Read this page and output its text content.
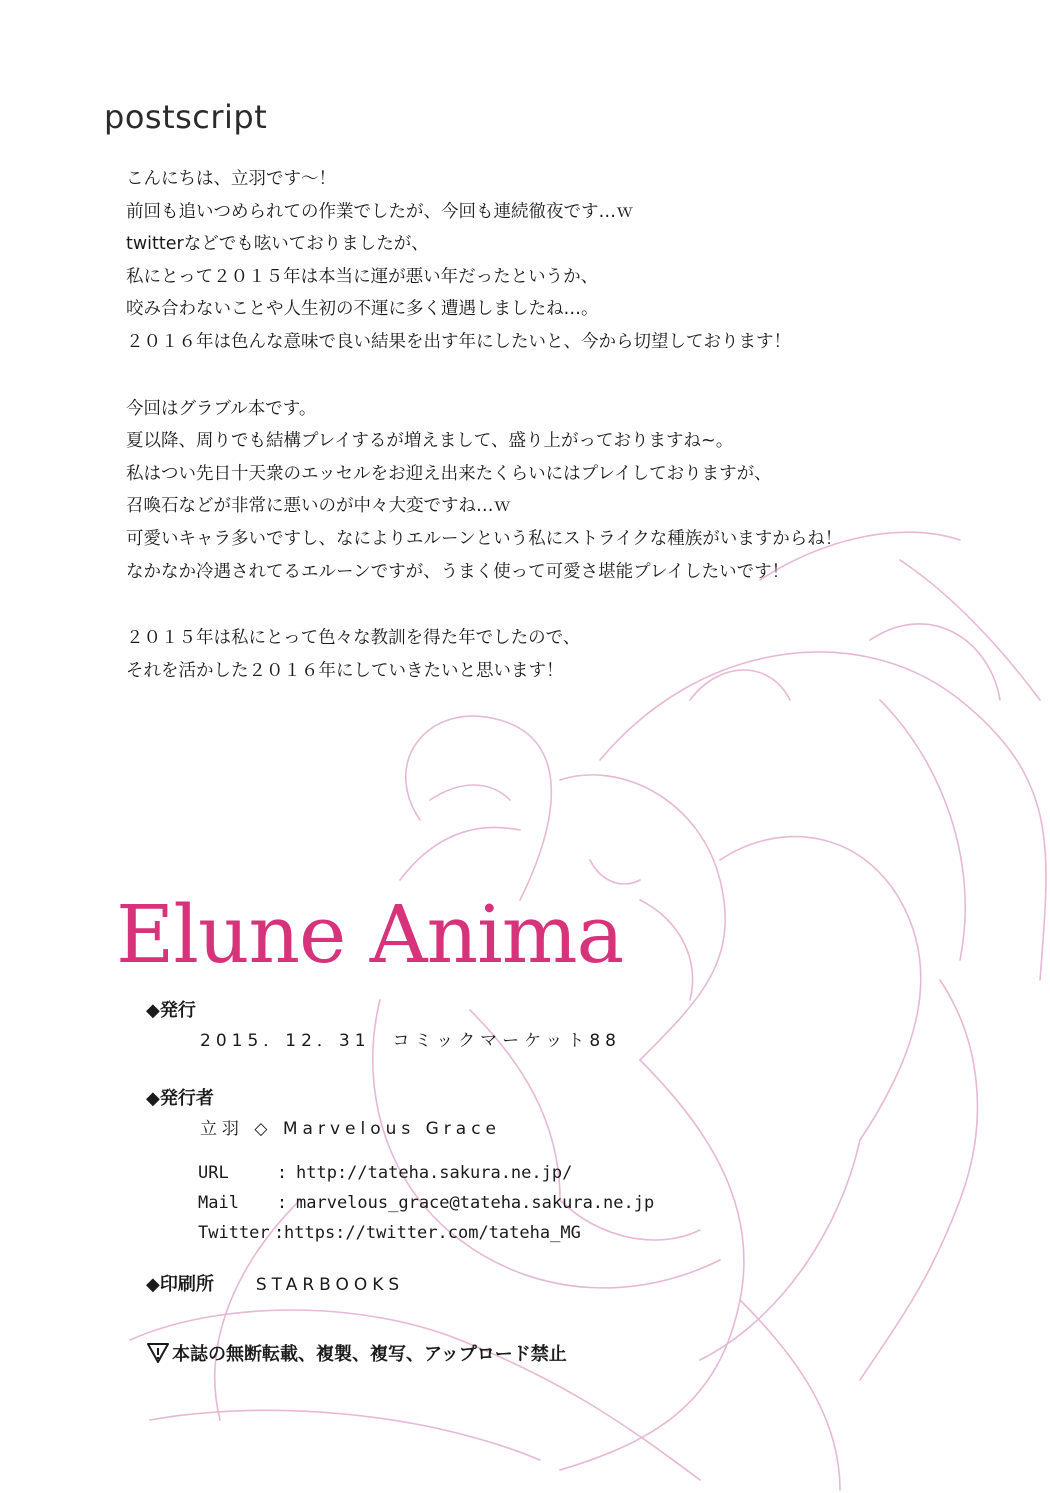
postscript
こんにちは、立羽です～！
前回も追いつめられての作業でしたが、今回も連続徹夜です…ｗ
twitterなどでも呟いておりましたが、
私にとって２０１５年は本当に運が悪い年だったというか、
咬み合わないことや人生初の不運に多く遭遇しましたね…。
２０１６年は色んな意味で良い結果を出す年にしたいと、今から切望しております！
今回はグラブル本です。
夏以降、周りでも結構プレイするが増えまして、盛り上がっておりますね~。
私はつい先日十天衆のエッセルをお迎え出来たくらいにはプレイしておりますが、
召喚石などが非常に悪いのが中々大変ですね…ｗ
可愛いキャラ多いですし、なによりエルーンという私にストライクな種族がいますからね！
なかなか冷遇されてるエルーンですが、うまく使って可愛さ堪能プレイしたいです！
２０１５年は私にとって色々な教訓を得た年でしたので、
それを活かした２０１６年にしていきたいと思います！
Elune Anima
◆発行
2015．12．31　コミックマーケット88
◆発行者
立羽 ◇ Marvelous Grace
URL	: http://tateha.sakura.ne.jp/
Mail	: marvelous_grace@tateha.sakura.ne.jp
Twitter : https://twitter.com/tateha_MG
◆印刷所 STARBOOKS
本誌の無断転載、複製、複写、アップロード禁止
